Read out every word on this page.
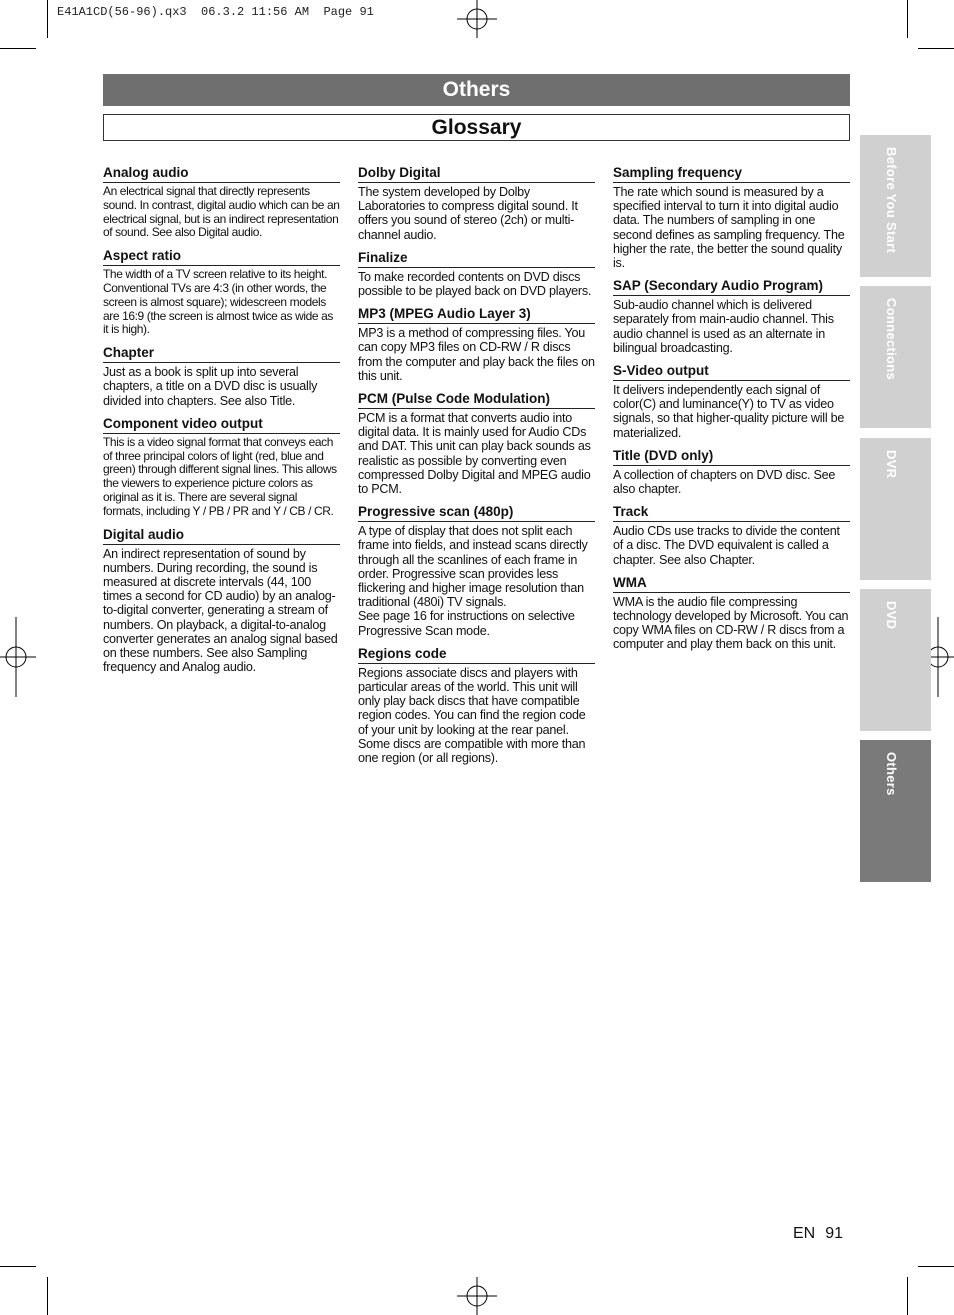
E41A1CD(56-96).qx3  06.3.2 11:56 AM  Page 91
Others
Glossary
Analog audio
An electrical signal that directly represents sound. In contrast, digital audio which can be an electrical signal, but is an indirect representation of sound. See also Digital audio.
Aspect ratio
The width of a TV screen relative to its height. Conventional TVs are 4:3 (in other words, the screen is almost square); widescreen models are 16:9 (the screen is almost twice as wide as it is high).
Chapter
Just as a book is split up into several chapters, a title on a DVD disc is usually divided into chapters. See also Title.
Component video output
This is a video signal format that conveys each of three principal colors of light (red, blue and green) through different signal lines. This allows the viewers to experience picture colors as original as it is. There are several signal formats, including Y / PB / PR and Y / CB / CR.
Digital audio
An indirect representation of sound by numbers. During recording, the sound is measured at discrete intervals (44, 100 times a second for CD audio) by an analog-to-digital converter, generating a stream of numbers. On playback, a digital-to-analog converter generates an analog signal based on these numbers. See also Sampling frequency and Analog audio.
Dolby Digital
The system developed by Dolby Laboratories to compress digital sound. It offers you sound of stereo (2ch) or multi-channel audio.
Finalize
To make recorded contents on DVD discs possible to be played back on DVD players.
MP3 (MPEG Audio Layer 3)
MP3 is a method of compressing files. You can copy MP3 files on CD-RW / R discs from the computer and play back the files on this unit.
PCM (Pulse Code Modulation)
PCM is a format that converts audio into digital data. It is mainly used for Audio CDs and DAT. This unit can play back sounds as realistic as possible by converting even compressed Dolby Digital and MPEG audio to PCM.
Progressive scan (480p)
A type of display that does not split each frame into fields, and instead scans directly through all the scanlines of each frame in order. Progressive scan provides less flickering and higher image resolution than traditional (480i) TV signals.
See page 16 for instructions on selective Progressive Scan mode.
Regions code
Regions associate discs and players with particular areas of the world. This unit will only play back discs that have compatible region codes. You can find the region code of your unit by looking at the rear panel. Some discs are compatible with more than one region (or all regions).
Sampling frequency
The rate which sound is measured by a specified interval to turn it into digital audio data. The numbers of sampling in one second defines as sampling frequency. The higher the rate, the better the sound quality is.
SAP (Secondary Audio Program)
Sub-audio channel which is delivered separately from main-audio channel. This audio channel is used as an alternate in bilingual broadcasting.
S-Video output
It delivers independently each signal of color(C) and luminance(Y) to TV as video signals, so that higher-quality picture will be materialized.
Title (DVD only)
A collection of chapters on DVD disc. See also chapter.
Track
Audio CDs use tracks to divide the content of a disc. The DVD equivalent is called a chapter. See also Chapter.
WMA
WMA is the audio file compressing technology developed by Microsoft. You can copy WMA files on CD-RW / R discs from a computer and play them back on this unit.
Before You Start
Connections
DVR
DVD
Others
EN 91
